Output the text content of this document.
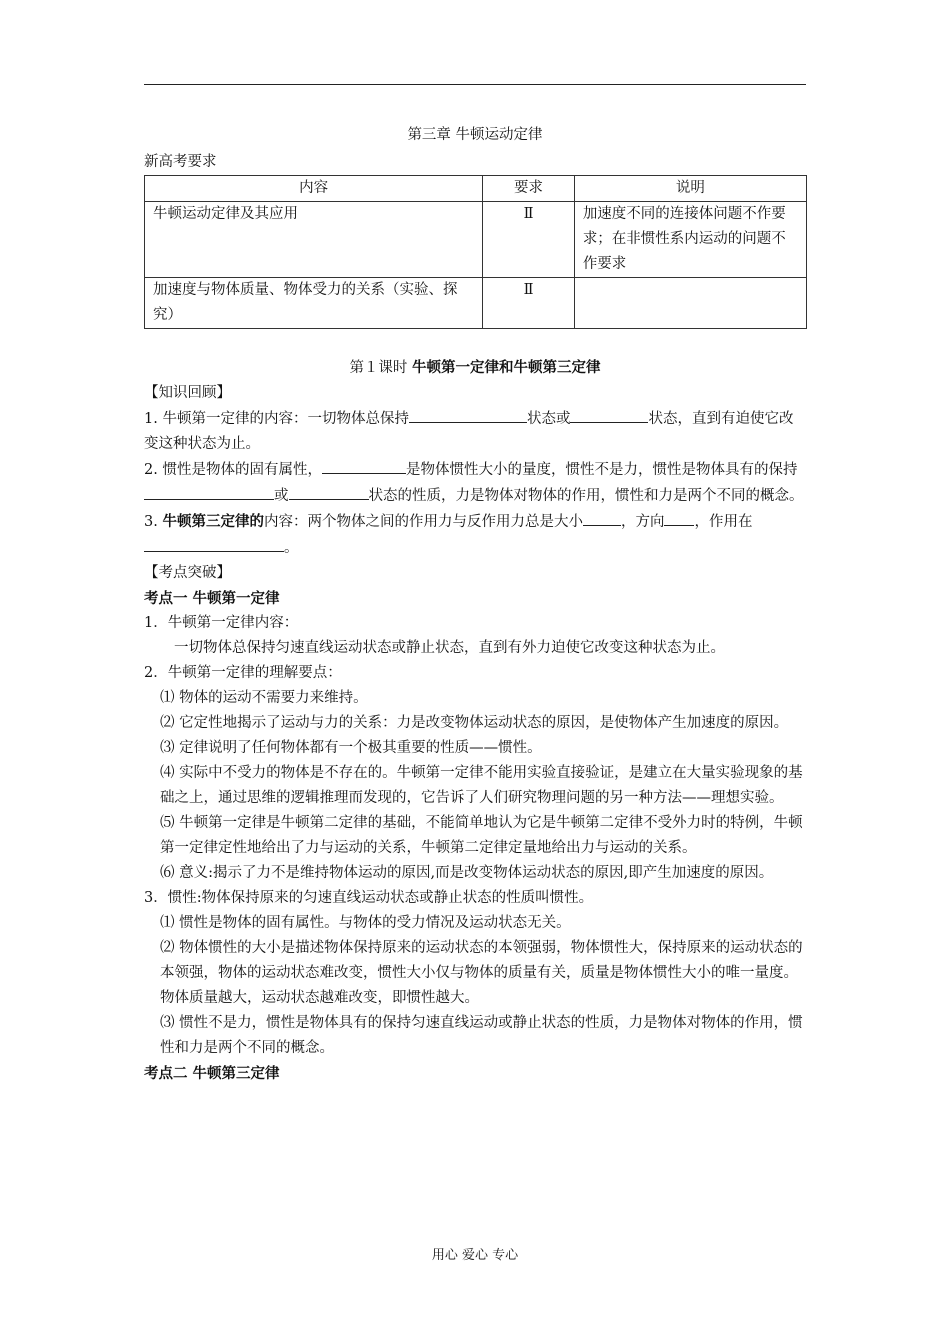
第三章 牛顿运动定律

新高考要求

内容	要求	说明
牛顿运动定律及其应用	Ⅱ	加速度不同的连接体问题不作要求；在非惯性系内运动的问题不作要求
加速度与物体质量、物体受力的关系（实验、探究）	Ⅱ	
第１课时 牛顿第一定律和牛顿第三定律

【知识回顾】

1. 牛顿第一定律的内容：一切物体总保持	状态或	状态，直到有迫使它改变这种状态为止。

2. 惯性是物体的固有属性，	是物体惯性大小的量度，惯性不是力，惯性是物体具有的保持或	状态的性质，力是物体对物体的作用，惯性和力是两个不同的概念。

3. 牛顿第三定律的内容：两个物体之间的作用力与反作用力总是大小	，方向 ，作用在。

【考点突破】

考点一 牛顿第一定律

1．牛顿第一定律内容：

一切物体总保持匀速直线运动状态或静止状态，直到有外力迫使它改变这种状态为止。

2．牛顿第一定律的理解要点：

⑴ 物体的运动不需要力来维持。

⑵ 它定性地揭示了运动与力的关系：力是改变物体运动状态的原因，是使物体产生加速度的原因。

⑶ 定律说明了任何物体都有一个极其重要的性质——惯性。

⑷ 实际中不受力的物体是不存在的。牛顿第一定律不能用实验直接验证，是建立在大量实验现象的基础之上，通过思维的逻辑推理而发现的，它告诉了人们研究物理问题的另一种方法——理想实验。

⑸ 牛顿第一定律是牛顿第二定律的基础，不能简单地认为它是牛顿第二定律不受外力时的特例，牛顿第一定律定性地给出了力与运动的关系，牛顿第二定律定量地给出力与运动的关系。

⑹ 意义:揭示了力不是维持物体运动的原因,而是改变物体运动状态的原因,即产生加速度的原因。

3．惯性:物体保持原来的匀速直线运动状态或静止状态的性质叫惯性。

⑴ 惯性是物体的固有属性。与物体的受力情况及运动状态无关。

⑵ 物体惯性的大小是描述物体保持原来的运动状态的本领强弱，物体惯性大，保持原来的运动状态的本领强，物体的运动状态难改变，惯性大小仅与物体的质量有关，质量是物体惯性大小的唯一量度。物体质量越大，运动状态越难改变，即惯性越大。

⑶ 惯性不是力，惯性是物体具有的保持匀速直线运动或静止状态的性质，力是物体对物体的作用，惯性和力是两个不同的概念。

考点二 牛顿第三定律

用心 爱心 专心
